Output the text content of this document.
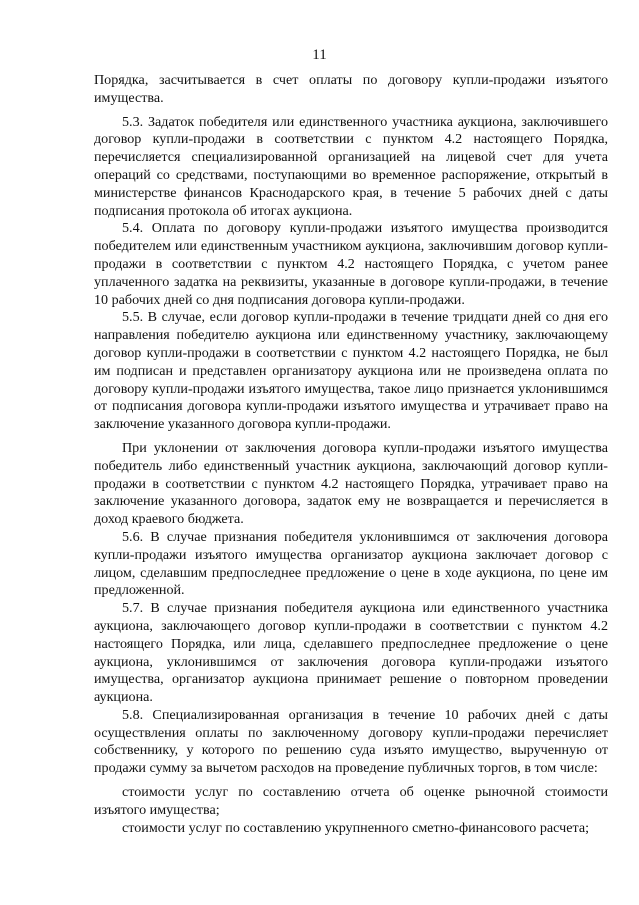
11

Порядка, засчитывается в счет оплаты по договору купли-продажи изъятого имущества.

5.3. Задаток победителя или единственного участника аукциона, заключившего договор купли-продажи в соответствии с пунктом 4.2 настоящего Порядка, перечисляется специализированной организацией на лицевой счет для учета операций со средствами, поступающими во временное распоряжение, открытый в министерстве финансов Краснодарского края, в течение 5 рабочих дней с даты подписания протокола об итогах аукциона.

5.4. Оплата по договору купли-продажи изъятого имущества производится победителем или единственным участником аукциона, заключившим договор купли-продажи в соответствии с пунктом 4.2 настоящего Порядка, с учетом ранее уплаченного задатка на реквизиты, указанные в договоре купли-продажи, в течение 10 рабочих дней со дня подписания договора купли-продажи.

5.5. В случае, если договор купли-продажи в течение тридцати дней со дня его направления победителю аукциона или единственному участнику, заключающему договор купли-продажи в соответствии с пунктом 4.2 настоящего Порядка, не был им подписан и представлен организатору аукциона или не произведена оплата по договору купли-продажи изъятого имущества, такое лицо признается уклонившимся от подписания договора купли-продажи изъятого имущества и утрачивает право на заключение указанного договора купли-продажи.

При уклонении от заключения договора купли-продажи изъятого имущества победитель либо единственный участник аукциона, заключающий договор купли-продажи в соответствии с пунктом 4.2 настоящего Порядка, утрачивает право на заключение указанного договора, задаток ему не возвращается и перечисляется в доход краевого бюджета.

5.6. В случае признания победителя уклонившимся от заключения договора купли-продажи изъятого имущества организатор аукциона заключает договор с лицом, сделавшим предпоследнее предложение о цене в ходе аукциона, по цене им предложенной.

5.7. В случае признания победителя аукциона или единственного участника аукциона, заключающего договор купли-продажи в соответствии с пунктом 4.2 настоящего Порядка, или лица, сделавшего предпоследнее предложение о цене аукциона, уклонившимся от заключения договора купли-продажи изъятого имущества, организатор аукциона принимает решение о повторном проведении аукциона.

5.8. Специализированная организация в течение 10 рабочих дней с даты осуществления оплаты по заключенному договору купли-продажи перечисляет собственнику, у которого по решению суда изъято имущество, вырученную от продажи сумму за вычетом расходов на проведение публичных торгов, в том числе:

стоимости услуг по составлению отчета об оценке рыночной стоимости изъятого имущества;

стоимости услуг по составлению укрупненного сметно-финансового расчета;
